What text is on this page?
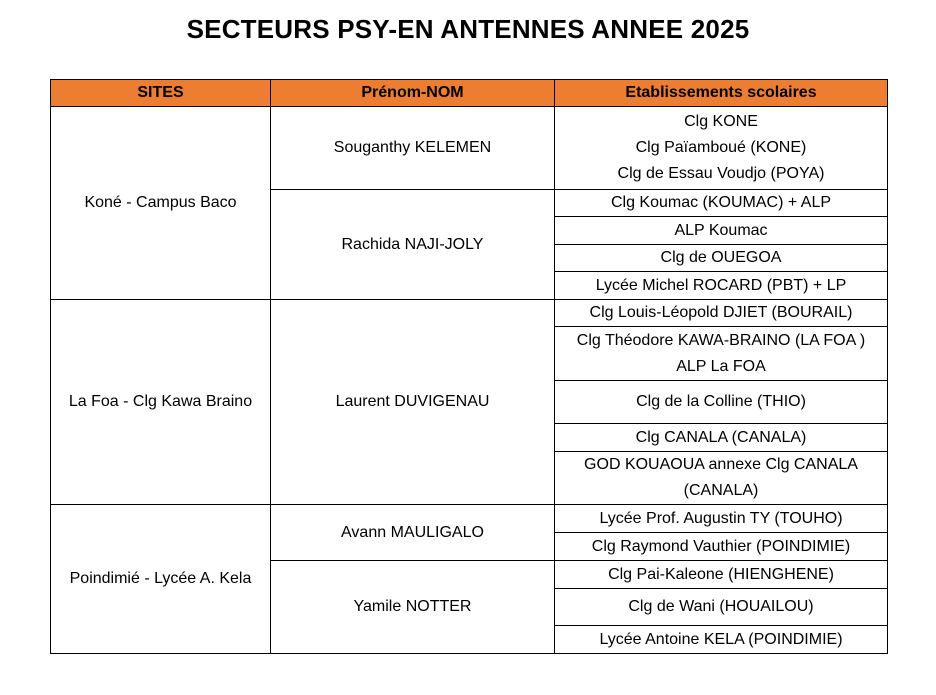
SECTEURS PSY-EN ANTENNES ANNEE 2025
SITES	Prénom-NOM	Etablissements scolaires
Koné - Campus Baco	Souganthy KELEMEN	Clg KONE
Clg Païamboué (KONE)
Clg de Essau Voudjo (POYA)

	Rachida NAJI-JOLY	Clg Koumac (KOUMAC) + ALP

		ALP Koumac

		Clg de OUEGOA

		Lycée Michel ROCARD (PBT) + LP

La Foa - Clg Kawa Braino	Laurent DUVIGENAU	Clg Louis-Léopold DJIET (BOURAIL)

		Clg Théodore KAWA-BRAINO (LA FOA )
ALP La FOA

		Clg de la Colline (THIO)

		Clg CANALA (CANALA)

		GOD KOUAOUA annexe Clg CANALA
(CANALA)

Poindimié - Lycée A. Kela	Avann MAULIGALO	Lycée Prof. Augustin TY (TOUHO)

		Clg Raymond Vauthier (POINDIMIE)

	Yamile NOTTER	Clg Pai-Kaleone (HIENGHENE)

		Clg de Wani (HOUAILOU)

		Lycée Antoine KELA (POINDIMIE)
